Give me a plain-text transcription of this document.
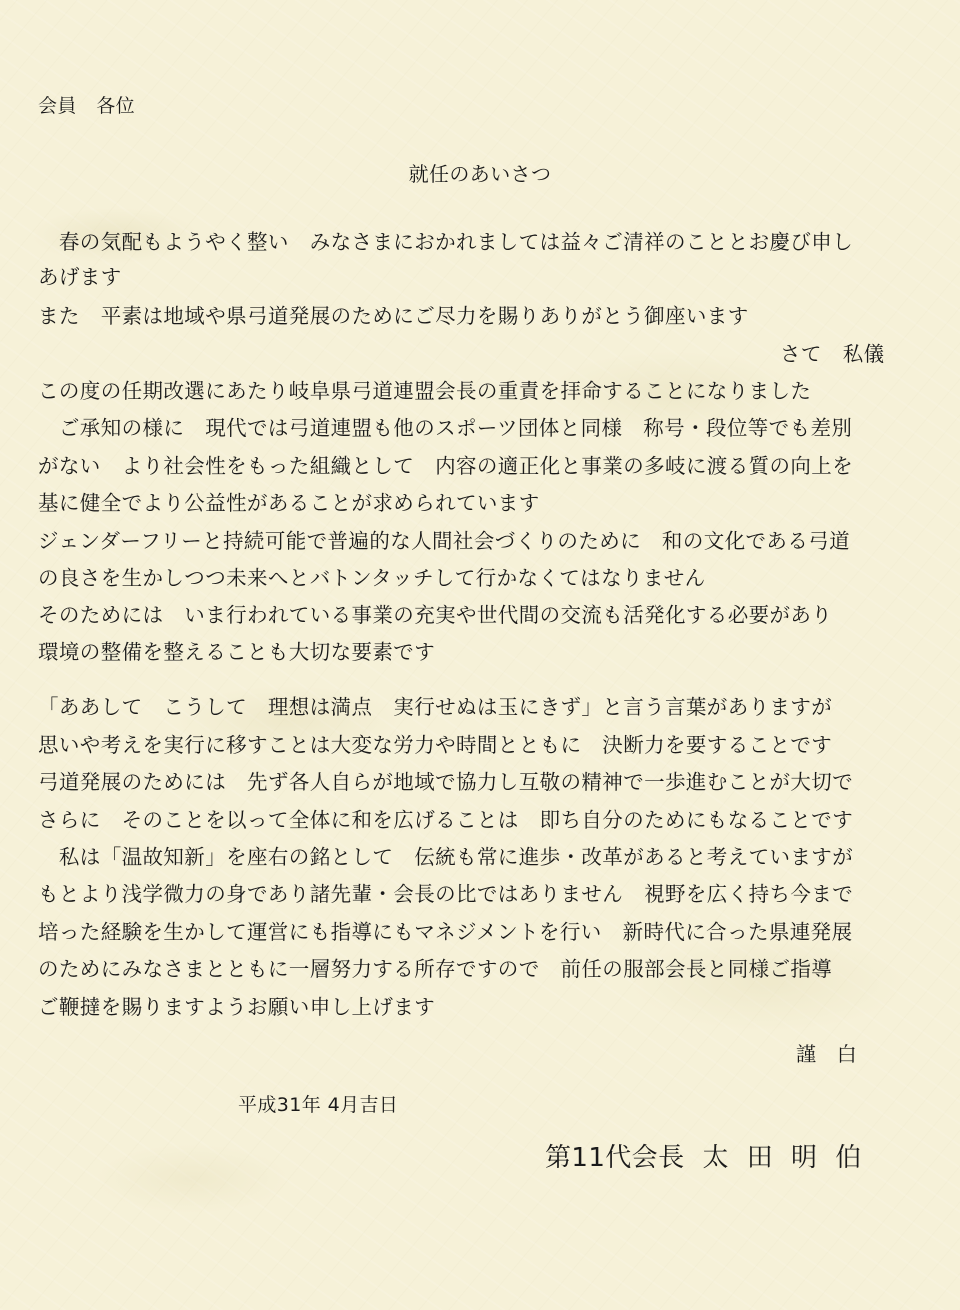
会員　各位
就任のあいさつ
　春の気配もようやく整い　みなさまにおかれましては益々ご清祥のこととお慶び申し
あげます
また　平素は地域や県弓道発展のためにご尽力を賜りありがとう御座います
さて　私儀
この度の任期改選にあたり岐阜県弓道連盟会長の重責を拝命することになりました
　ご承知の様に　現代では弓道連盟も他のスポーツ団体と同様　称号・段位等でも差別
がない　より社会性をもった組織として　内容の適正化と事業の多岐に渡る質の向上を
基に健全でより公益性があることが求められています
ジェンダーフリーと持続可能で普遍的な人間社会づくりのために　和の文化である弓道
の良さを生かしつつ未来へとバトンタッチして行かなくてはなりません
そのためには　いま行われている事業の充実や世代間の交流も活発化する必要があり
環境の整備を整えることも大切な要素です
「ああして　こうして　理想は満点　実行せぬは玉にきず」と言う言葉がありますが
思いや考えを実行に移すことは大変な労力や時間とともに　決断力を要することです
弓道発展のためには　先ず各人自らが地域で協力し互敬の精神で一歩進むことが大切で
さらに　そのことを以って全体に和を広げることは　即ち自分のためにもなることです
　私は「温故知新」を座右の銘として　伝統も常に進歩・改革があると考えていますが
もとより浅学微力の身であり諸先輩・会長の比ではありません　視野を広く持ち今まで
培った経験を生かして運営にも指導にもマネジメントを行い　新時代に合った県連発展
のためにみなさまとともに一層努力する所存ですので　前任の服部会長と同様ご指導
ご鞭撻を賜りますようお願い申し上げます
謹　白
平成31年 4月吉日
第11代会長 太 田 明 伯
